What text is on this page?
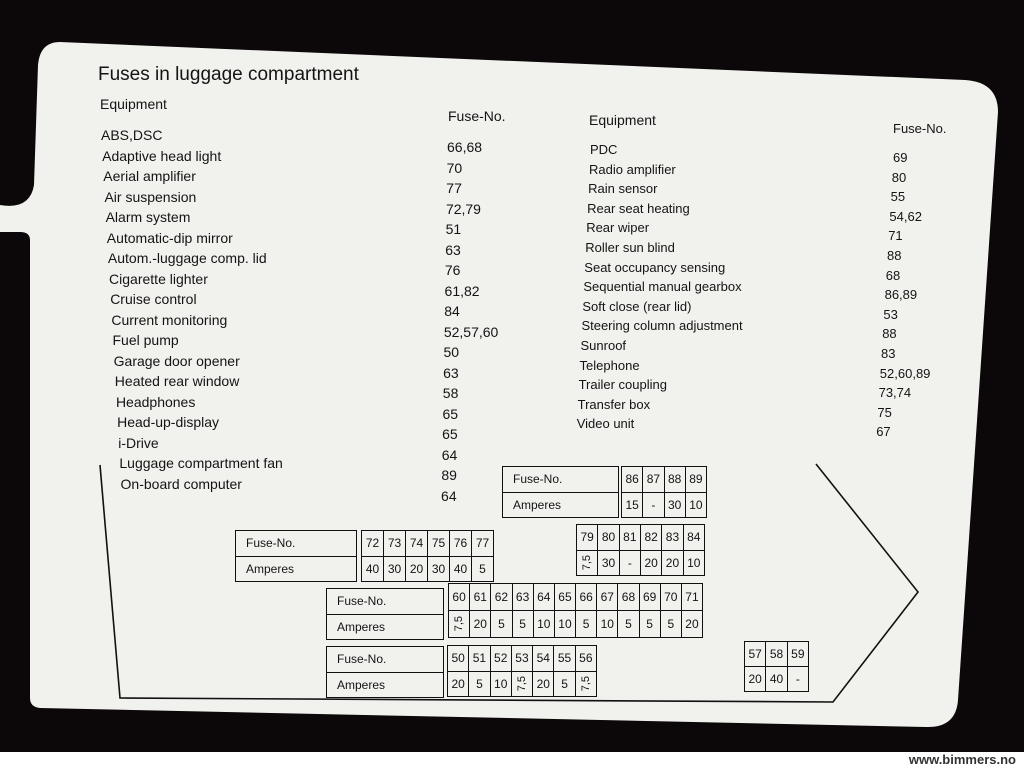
Fuses in luggage compartment
Equipment
Fuse-No.	Equipment
Fuse-No.
ABS,DSC
66,68
Adaptive head light
70
Aerial amplifier
77
Air suspension
72,79
Alarm system
51
Automatic-dip mirror
63
Autom.-luggage comp. lid
76
Cigarette lighter
61,82
Cruise control
84
Current monitoring
52,57,60
Fuel pump
50
Garage door opener
63
Heated rear window
58
Headphones
65
Head-up-display
65
i-Drive
64
Luggage compartment fan
89
On-board computer
64
PDC
69
Radio amplifier
80
Rain sensor
55
Rear seat heating
54,62
Rear wiper
71
Roller sun blind
88
Seat occupancy sensing
68
Sequential manual gearbox
86,89
Soft close (rear lid)
53
Steering column adjustment
88
Sunroof
83
Telephone
52,60,89
Trailer coupling
73,74
Transfer box
75
Video unit
67
Fuse-No.
Amperes
86 87 88 89
15	-	30 10
Fuse-No.
Amperes
72 73 74 75 76 77
40 30 20 30 40 5
79 80 81 82 83 84
7,5 30	-	20 20 10
Fuse-No.
Amperes
60 61 62 63 64 65 66 67 68 69 70 71
7,5 20 5	5 10 10 5 10 5	5	5 20
Fuse-No.
Amperes
50 51 52 53 54 55 56
20 5 10 7,5 20 5	7,5
57 58 59
20 40	-
www.bimmers.no
